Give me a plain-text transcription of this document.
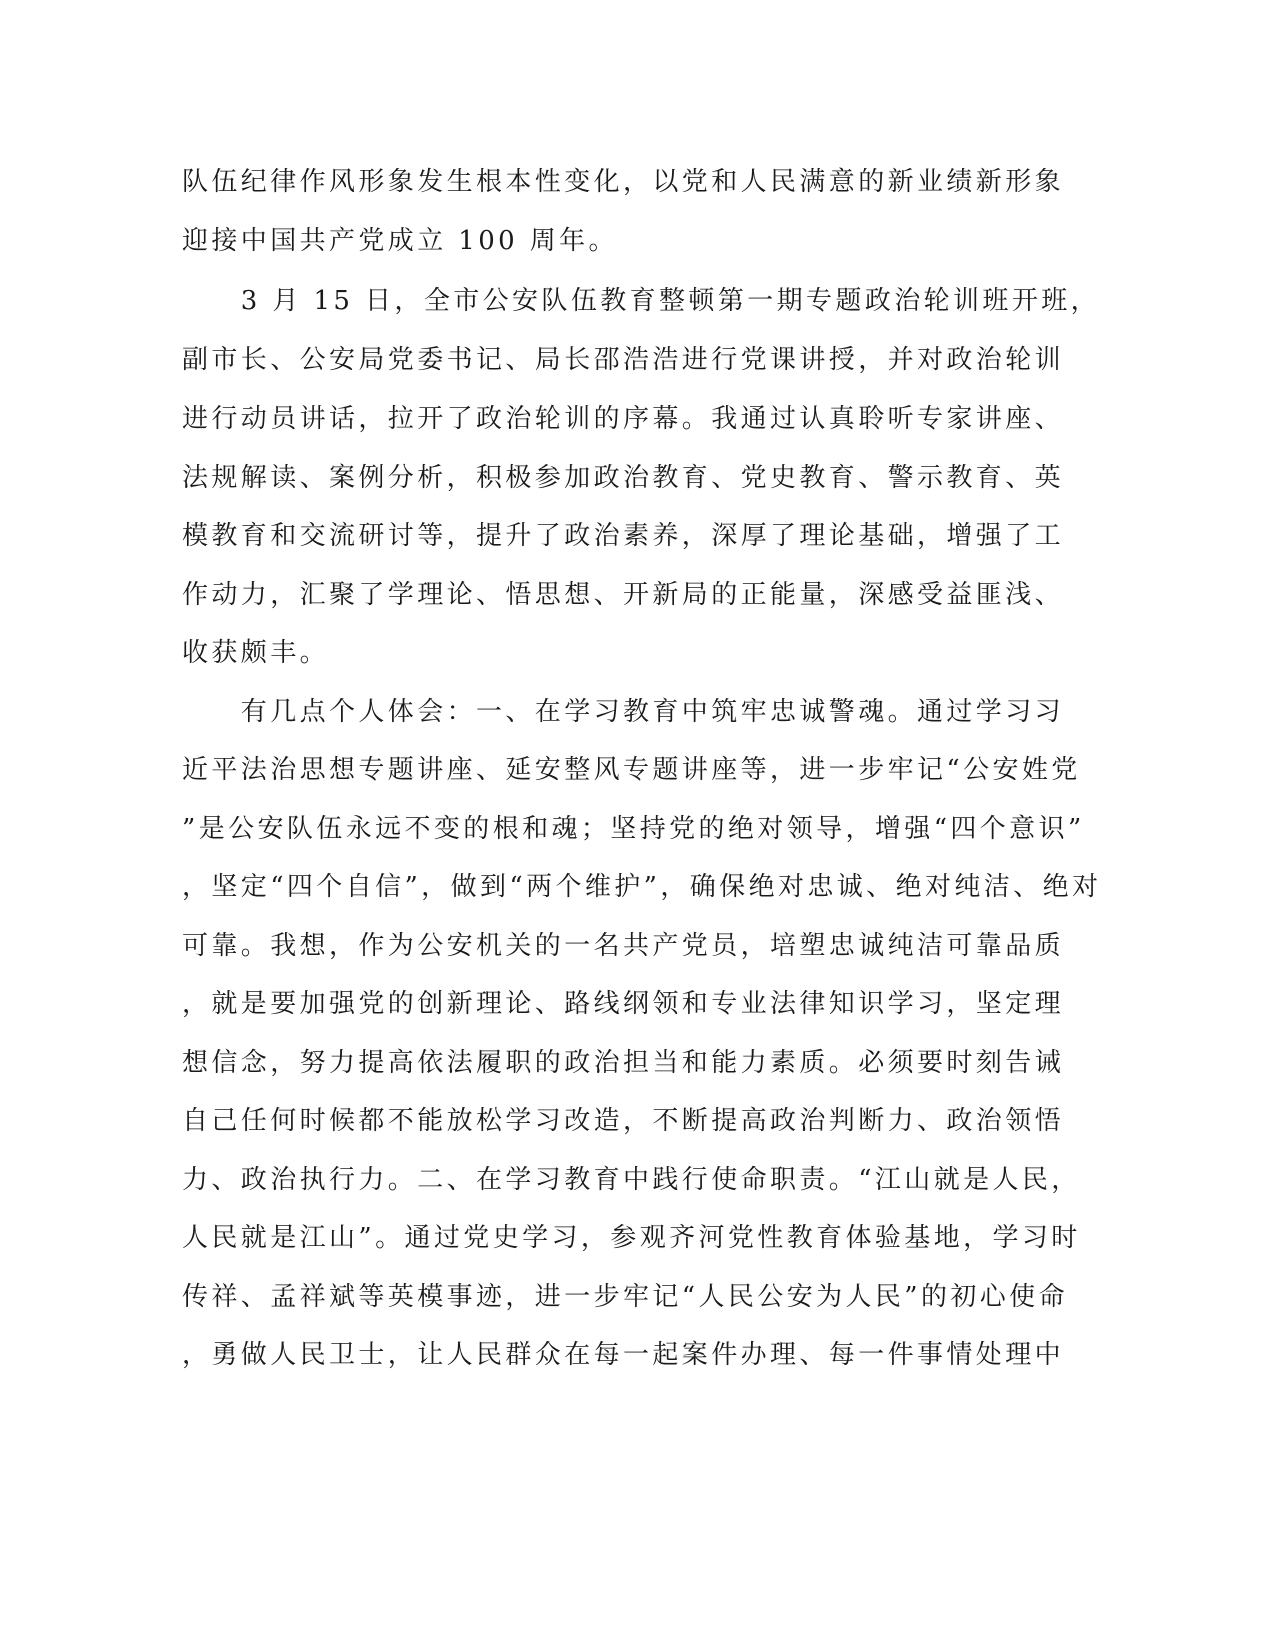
队伍纪律作风形象发生根本性变化，以党和人民满意的新业绩新形象
迎接中国共产党成立 100 周年。
　　3 月 15 日，全市公安队伍教育整顿第一期专题政治轮训班开班，
副市长、公安局党委书记、局长邵浩浩进行党课讲授，并对政治轮训
进行动员讲话，拉开了政治轮训的序幕。我通过认真聆听专家讲座、
法规解读、案例分析，积极参加政治教育、党史教育、警示教育、英
模教育和交流研讨等，提升了政治素养，深厚了理论基础，增强了工
作动力，汇聚了学理论、悟思想、开新局的正能量，深感受益匪浅、
收获颇丰。
　　有几点个人体会：一、在学习教育中筑牢忠诚警魂。通过学习习
近平法治思想专题讲座、延安整风专题讲座等，进一步牢记“公安姓党
”是公安队伍永远不变的根和魂；坚持党的绝对领导，增强“四个意识”
，坚定“四个自信”，做到“两个维护”，确保绝对忠诚、绝对纯洁、绝对
可靠。我想，作为公安机关的一名共产党员，培塑忠诚纯洁可靠品质
，就是要加强党的创新理论、路线纲领和专业法律知识学习，坚定理
想信念，努力提高依法履职的政治担当和能力素质。必须要时刻告诫
自己任何时候都不能放松学习改造，不断提高政治判断力、政治领悟
力、政治执行力。二、在学习教育中践行使命职责。“江山就是人民，
人民就是江山”。通过党史学习，参观齐河党性教育体验基地，学习时
传祥、孟祥斌等英模事迹，进一步牢记“人民公安为人民”的初心使命
，勇做人民卫士，让人民群众在每一起案件办理、每一件事情处理中
